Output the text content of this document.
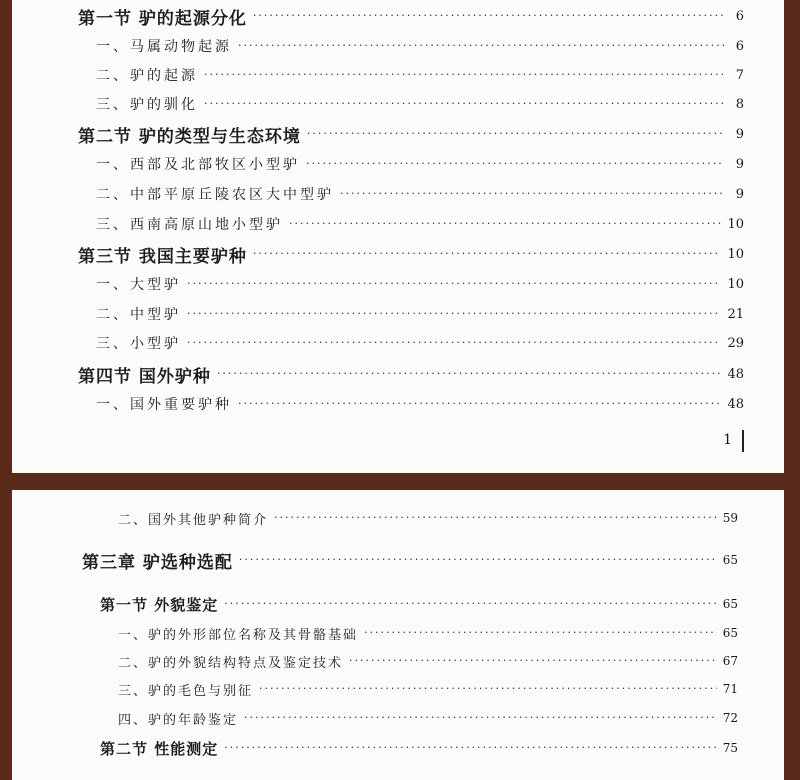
第一节 驴的起源分化 ·····	6
一、马属动物起源 ·····	6
二、驴的起源 ·····	7
三、驴的驯化 ·····	8
第二节 驴的类型与生态环境 ·····	9
一、西部及北部牧区小型驴 ·····	9
二、中部平原丘陵农区大中型驴 ·····	9
三、西南高原山地小型驴 ·····	10
第三节 我国主要驴种 ·····	10
一、大型驴 ·····	10
二、中型驴 ·····	21
三、小型驴 ·····	29
第四节 国外驴种 ·····	48
一、国外重要驴种 ·····	48
1
二、国外其他驴种简介 ·····	59
第三章 驴选种选配 ·····	65
第一节 外貌鉴定 ·····	65
一、驴的外形部位名称及其骨骼基础 ·····	65
二、驴的外貌结构特点及鉴定技术 ·····	67
三、驴的毛色与别征 ·····	71
四、驴的年龄鉴定 ·····	72
第二节 性能测定 ·····	75
